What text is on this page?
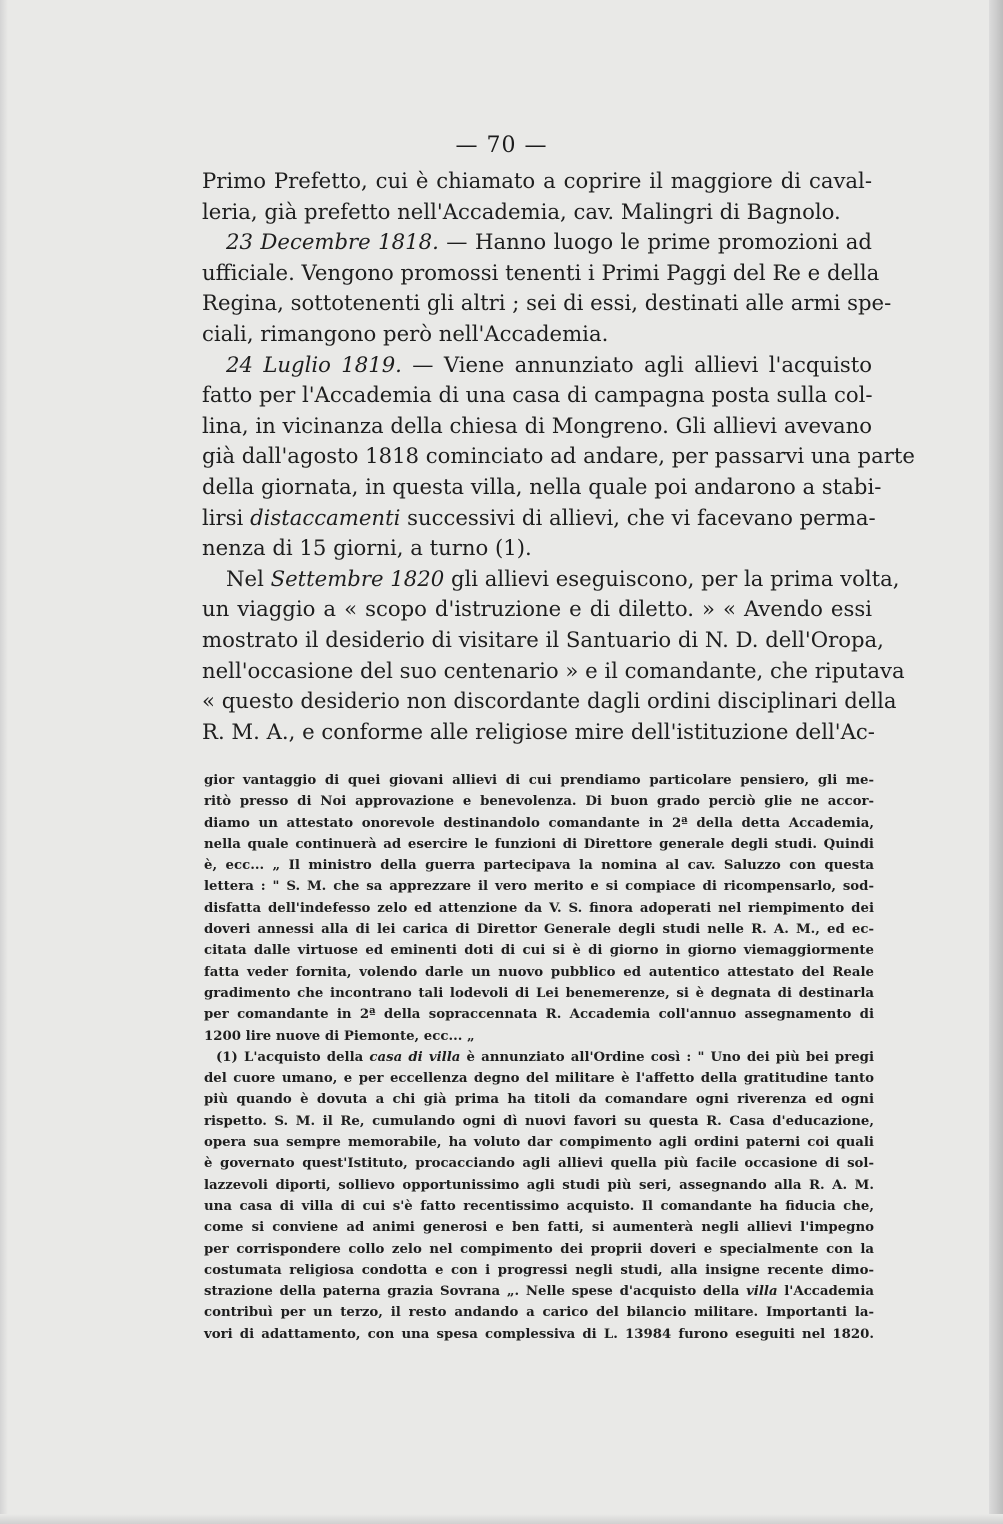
— 70 —
Primo Prefetto, cui è chiamato a coprire il maggiore di caval-
leria, già prefetto nell'Accademia, cav. Malingri di Bagnolo.
23 Decembre 1818. — Hanno luogo le prime promozioni ad
ufficiale. Vengono promossi tenenti i Primi Paggi del Re e della
Regina, sottotenenti gli altri ; sei di essi, destinati alle armi spe-
ciali, rimangono però nell'Accademia.
24 Luglio 1819. — Viene annunziato agli allievi l'acquisto
fatto per l'Accademia di una casa di campagna posta sulla col-
lina, in vicinanza della chiesa di Mongreno. Gli allievi avevano
già dall'agosto 1818 cominciato ad andare, per passarvi una parte
della giornata, in questa villa, nella quale poi andarono a stabi-
lirsi distaccamenti successivi di allievi, che vi facevano perma-
nenza di 15 giorni, a turno (1).
Nel Settembre 1820 gli allievi eseguiscono, per la prima volta,
un viaggio a « scopo d'istruzione e di diletto. » « Avendo essi
mostrato il desiderio di visitare il Santuario di N. D. dell'Oropa,
nell'occasione del suo centenario » e il comandante, che riputava
« questo desiderio non discordante dagli ordini disciplinari della
R. M. A., e conforme alle religiose mire dell'istituzione dell'Ac-
gior vantaggio di quei giovani allievi di cui prendiamo particolare pensiero, gli me-
ritò presso di Noi approvazione e benevolenza. Di buon grado perciò glie ne accor-
diamo un attestato onorevole destinandolo comandante in 2ª della detta Accademia,
nella quale continuerà ad esercire le funzioni di Direttore generale degli studi. Quindi
è, ecc... „ Il ministro della guerra partecipava la nomina al cav. Saluzzo con questa
lettera : " S. M. che sa apprezzare il vero merito e si compiace di ricompensarlo, sod-
disfatta dell'indefesso zelo ed attenzione da V. S. finora adoperati nel riempimento dei
doveri annessi alla di lei carica di Direttor Generale degli studi nelle R. A. M., ed ec-
citata dalle virtuose ed eminenti doti di cui si è di giorno in giorno viemaggiormente
fatta veder fornita, volendo darle un nuovo pubblico ed autentico attestato del Reale
gradimento che incontrano tali lodevoli di Lei benemerenze, si è degnata di destinarla
per comandante in 2ª della sopraccennata R. Accademia coll'annuo assegnamento di
1200 lire nuove di Piemonte, ecc... „
(1) L'acquisto della casa di villa è annunziato all'Ordine così : " Uno dei più bei pregi
del cuore umano, e per eccellenza degno del militare è l'affetto della gratitudine tanto
più quando è dovuta a chi già prima ha titoli da comandare ogni riverenza ed ogni
rispetto. S. M. il Re, cumulando ogni dì nuovi favori su questa R. Casa d'educazione,
opera sua sempre memorabile, ha voluto dar compimento agli ordini paterni coi quali
è governato quest'Istituto, procacciando agli allievi quella più facile occasione di sol-
lazzevoli diporti, sollievo opportunissimo agli studi più seri, assegnando alla R. A. M.
una casa di villa di cui s'è fatto recentissimo acquisto. Il comandante ha fiducia che,
come si conviene ad animi generosi e ben fatti, si aumenterà negli allievi l'impegno
per corrispondere collo zelo nel compimento dei proprii doveri e specialmente con la
costumata religiosa condotta e con i progressi negli studi, alla insigne recente dimo-
strazione della paterna grazia Sovrana „. Nelle spese d'acquisto della villa l'Accademia
contribuì per un terzo, il resto andando a carico del bilancio militare. Importanti la-
vori di adattamento, con una spesa complessiva di L. 13984 furono eseguiti nel 1820.
